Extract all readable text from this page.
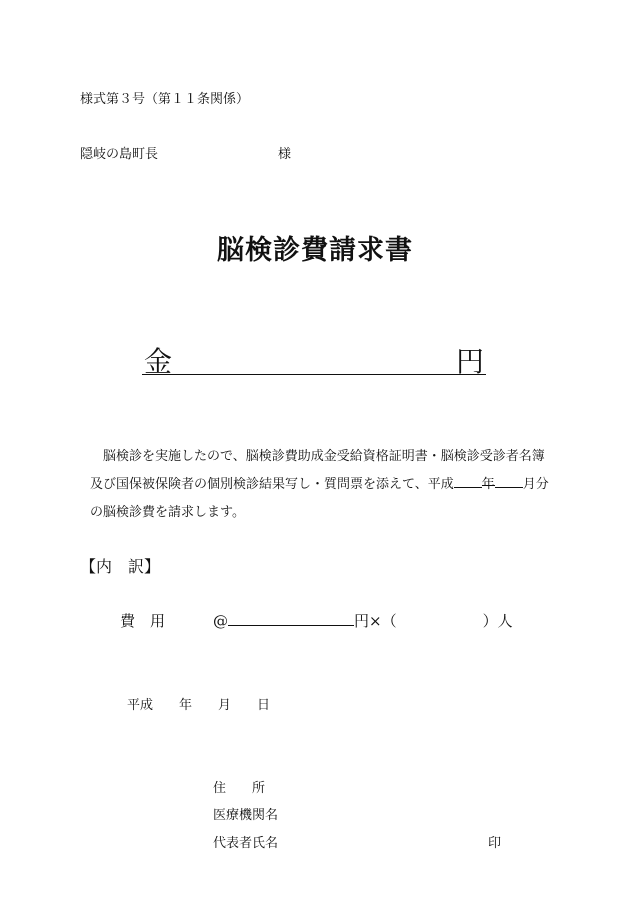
様式第３号（第１１条関係）
隠岐の島町長	様
脳検診費請求書
金	円

　脳検診を実施したので、脳検診費助成金受給資格証明書・脳検診受診者名簿

及び国保被保険者の個別検診結果写し・質問票を添えて、平成 年 月分

の脳検診費を請求します。

【内　訳】
費　用	@	円×（	）人
平成 年 月 日
住　　所
医療機関名
代表者氏名	印
